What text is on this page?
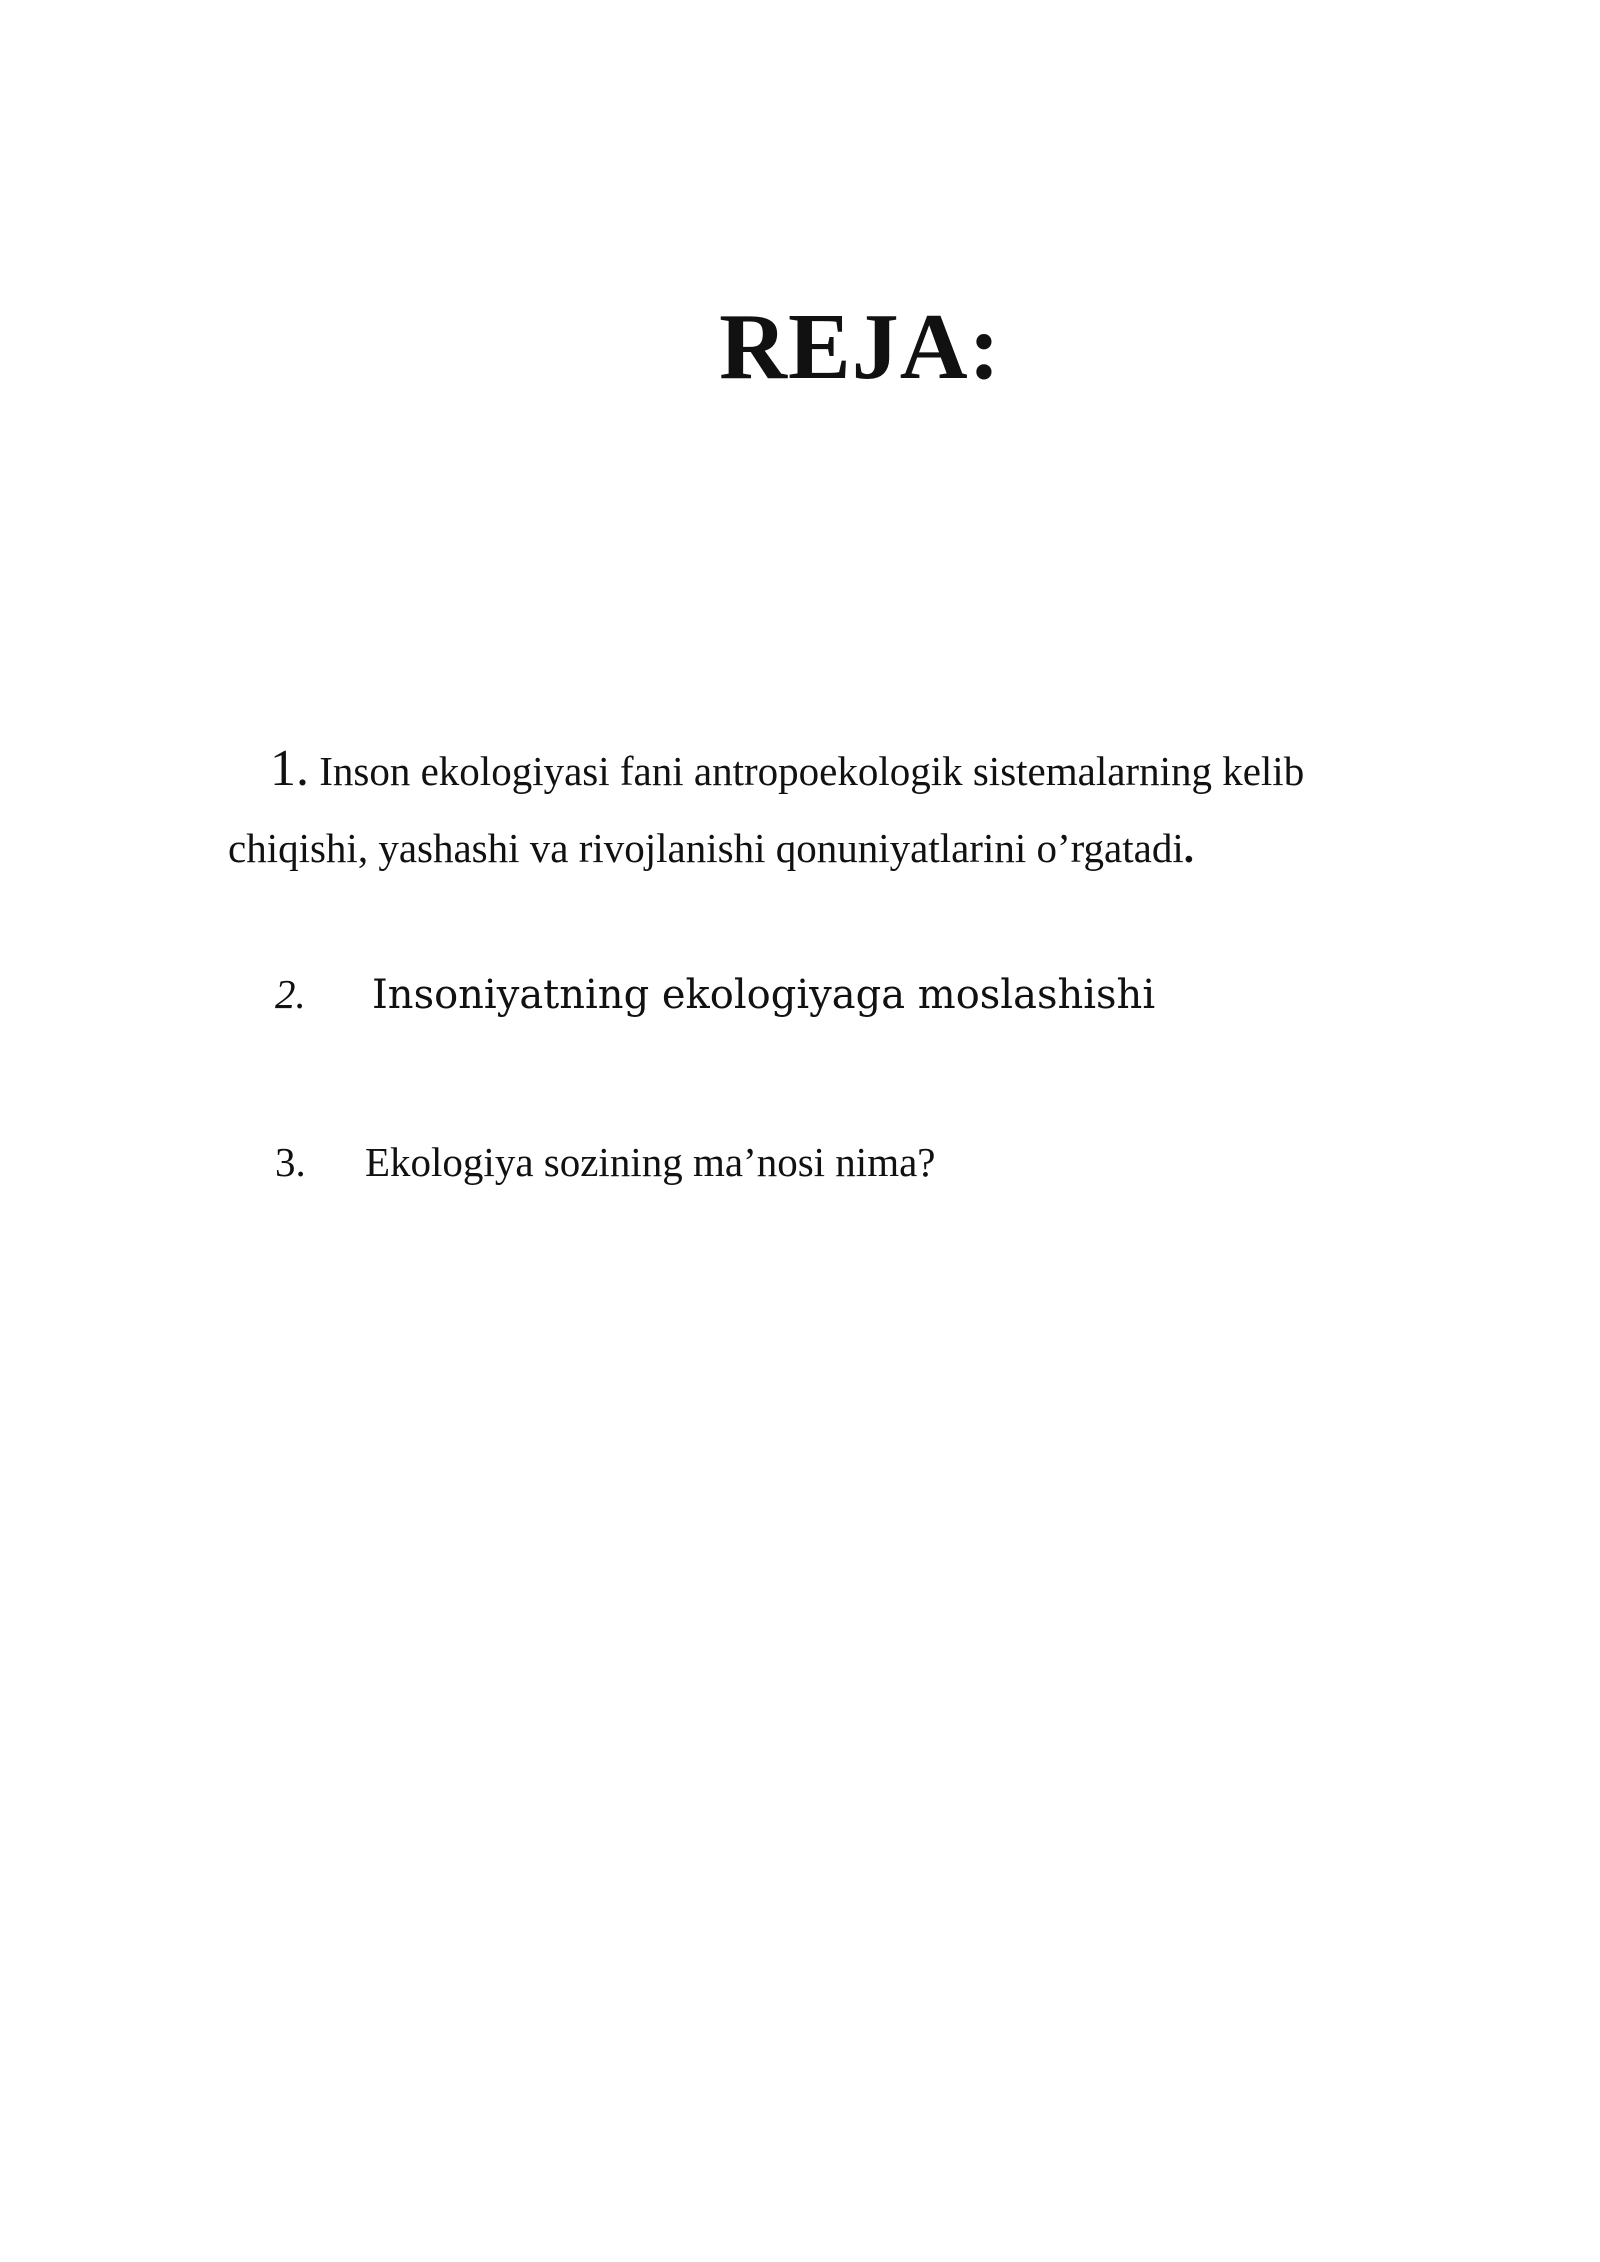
REJA:

1. Inson ekologiyasi fani antropoekologik sistemalarning kelib chiqishi, yashashi va rivojlanishi qonuniyatlarini o’rgatadi.

2. Insoniyatning ekologiyaga moslashishi

3. Ekologiya sozining ma’nosi nima?
